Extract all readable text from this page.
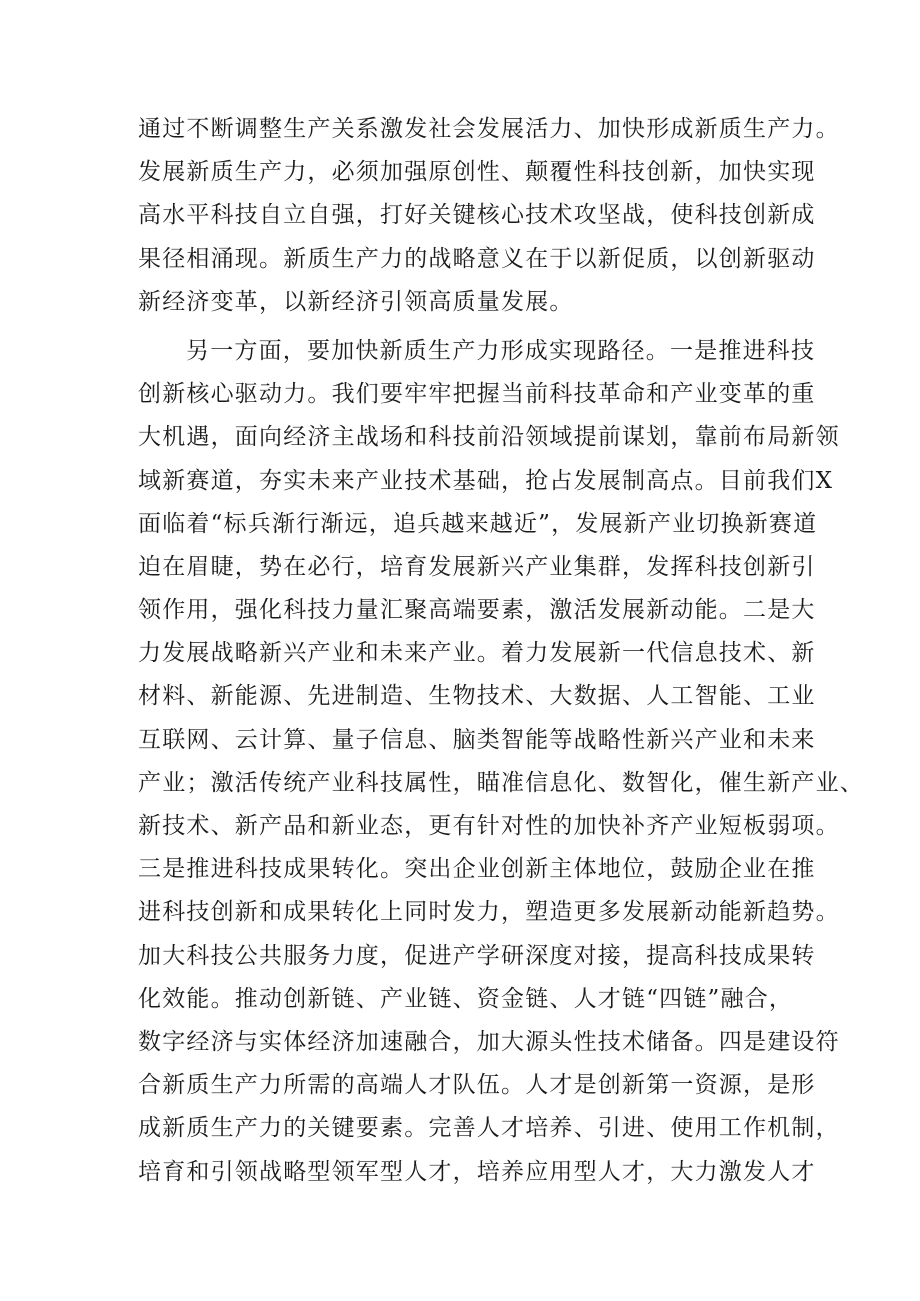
通过不断调整生产关系激发社会发展活力、加快形成新质生产力。
发展新质生产力，必须加强原创性、颠覆性科技创新，加快实现
高水平科技自立自强，打好关键核心技术攻坚战，使科技创新成
果径相涌现。新质生产力的战略意义在于以新促质，以创新驱动
新经济变革，以新经济引领高质量发展。
另一方面，要加快新质生产力形成实现路径。一是推进科技
创新核心驱动力。我们要牢牢把握当前科技革命和产业变革的重
大机遇，面向经济主战场和科技前沿领域提前谋划，靠前布局新领
域新赛道，夯实未来产业技术基础，抢占发展制高点。目前我们X
面临着“标兵渐行渐远，追兵越来越近”，发展新产业切换新赛道
迫在眉睫，势在必行，培育发展新兴产业集群，发挥科技创新引
领作用，强化科技力量汇聚高端要素，激活发展新动能。二是大
力发展战略新兴产业和未来产业。着力发展新一代信息技术、新
材料、新能源、先进制造、生物技术、大数据、人工智能、工业
互联网、云计算、量子信息、脑类智能等战略性新兴产业和未来
产业；激活传统产业科技属性，瞄准信息化、数智化，催生新产业、
新技术、新产品和新业态，更有针对性的加快补齐产业短板弱项。
三是推进科技成果转化。突出企业创新主体地位，鼓励企业在推
进科技创新和成果转化上同时发力，塑造更多发展新动能新趋势。
加大科技公共服务力度，促进产学研深度对接，提高科技成果转
化效能。推动创新链、产业链、资金链、人才链“四链”融合，
数字经济与实体经济加速融合，加大源头性技术储备。四是建设符
合新质生产力所需的高端人才队伍。人才是创新第一资源，是形
成新质生产力的关键要素。完善人才培养、引进、使用工作机制，
培育和引领战略型领军型人才，培养应用型人才，大力激发人才
